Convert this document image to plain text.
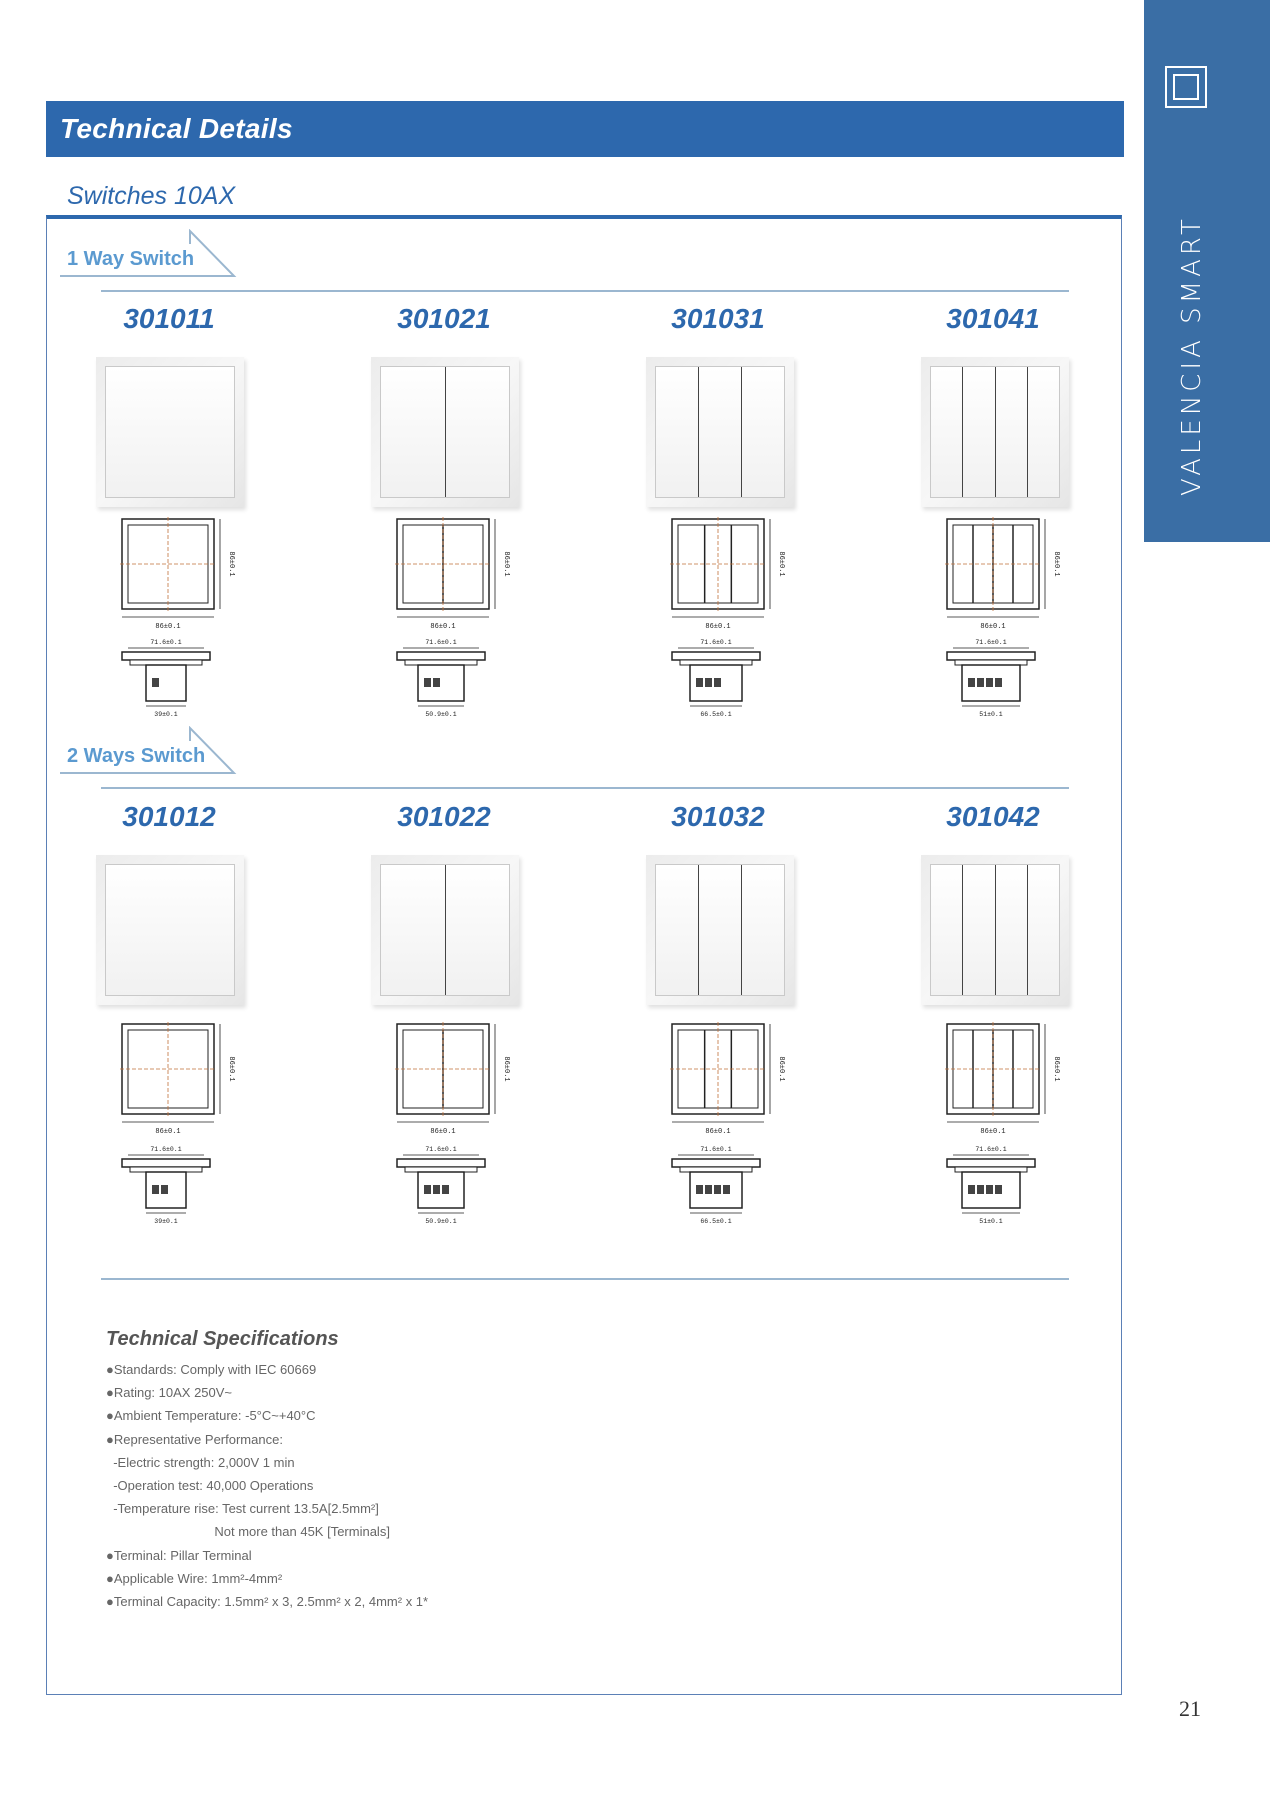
VALENCIA SMART
Technical Details
Switches 10AX
1 Way Switch
301011	301021	301031	301041
86±0.1
86±0.1
71.6±0.1
39±0.1
86±0.1
86±0.1
71.6±0.1
50.9±0.1
86±0.1
86±0.1
71.6±0.1
66.5±0.1
86±0.1
86±0.1
71.6±0.1
51±0.1
2 Ways Switch
301012	301022	301032	301042
86±0.1
86±0.1
71.6±0.1
39±0.1
86±0.1
86±0.1
71.6±0.1
50.9±0.1
86±0.1
86±0.1
71.6±0.1
66.5±0.1
86±0.1
86±0.1
71.6±0.1
51±0.1
Technical Specifications
●Standards: Comply with IEC 60669
●Rating: 10AX 250V~
●Ambient Temperature: -5°C~+40°C
●Representative Performance:
-Electric strength: 2,000V 1 min
-Operation test: 40,000 Operations
-Temperature rise: Test current 13.5A[2.5mm²]
Not more than 45K [Terminals]
●Terminal: Pillar Terminal
●Applicable Wire: 1mm²-4mm²
●Terminal Capacity: 1.5mm² x 3, 2.5mm² x 2, 4mm² x 1*
21
